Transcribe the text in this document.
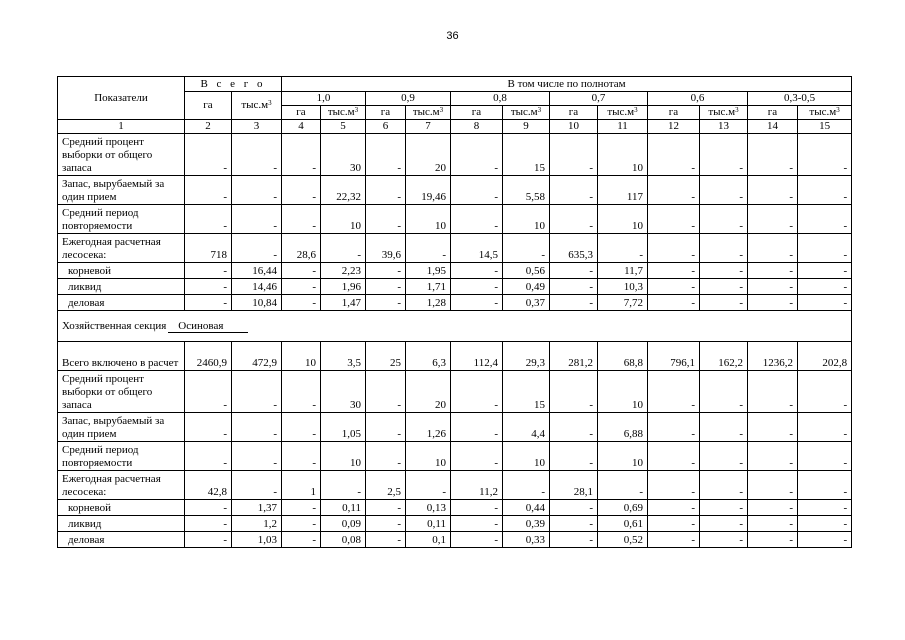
36
Показатели	В с е г о		В том числе по полнотам											
	га	$тыс.м^3$	1,0		0,9		0,8		0,7		0,6		0,3-0,5	
			га	$тыс.м^3$	га	$тыс.м^3$	га	$тыс.м^3$	га	$тыс.м^3$	га	$тыс.м^3$	га	$тыс.м^3$
1	2	3	4	5	6	7	8	9	10	11	12	13	14	15
Средний процент выборки от общего запаса	-	-	-	30	-	20	-	15	-	10	-	-	-	-
Запас, вырубаемый за один прием	-	-	-	22,32	-	19,46	-	5,58	-	117	-	-	-	-
Средний период повторяемости	-	-	-	10	-	10	-	10	-	10	-	-	-	-
Ежегодная расчетная лесосека:	718	-	28,6	-	39,6	-	14,5	-	635,3	-	-	-	-	-
корневой	-	16,44	-	2,23	-	1,95	-	0,56	-	11,7	-	-	-	-
ликвид	-	14,46	-	1,96	-	1,71	-	0,49	-	10,3	-	-	-	-
деловая	-	10,84	-	1,47	-	1,28	-	0,37	-	7,72	-	-	-	-
Хозяйственная секция Осиновая														
Всего включено в расчет	2460,9	472,9	10	3,5	25	6,3	112,4	29,3	281,2	68,8	796,1	162,2	1236,2	202,8
Средний процент выборки от общего запаса	-	-	-	30	-	20	-	15	-	10	-	-	-	-
Запас, вырубаемый за один прием	-	-	-	1,05	-	1,26	-	4,4	-	6,88	-	-	-	-
Средний период повторяемости	-	-	-	10	-	10	-	10	-	10	-	-	-	-
Ежегодная расчетная лесосека:	42,8	-	1	-	2,5	-	11,2	-	28,1	-	-	-	-	-
корневой	-	1,37	-	0,11	-	0,13	-	0,44	-	0,69	-	-	-	-
ликвид	-	1,2	-	0,09	-	0,11	-	0,39	-	0,61	-	-	-	-
деловая	-	1,03	-	0,08	-	0,1	-	0,33	-	0,52	-	-	-	-
